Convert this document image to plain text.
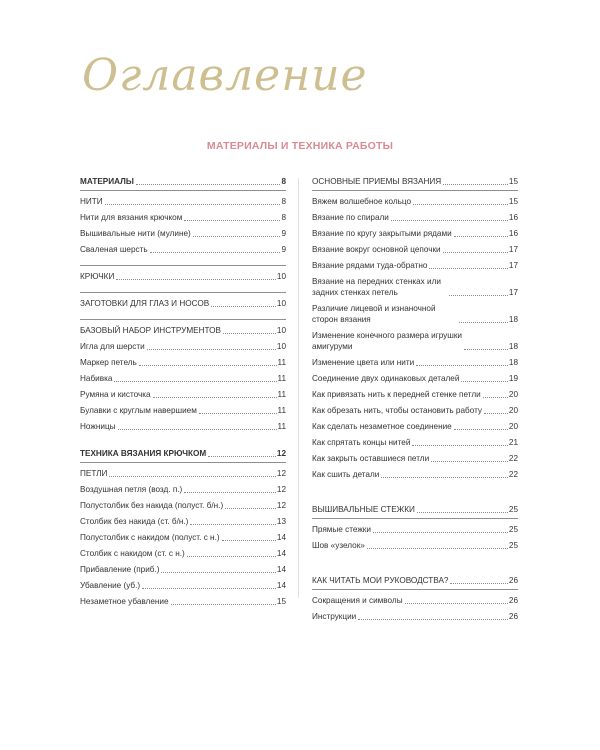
Оглавление
МАТЕРИАЛЫ И ТЕХНИКА РАБОТЫ
МАТЕРИАЛЫ	8
НИТИ	8
Нити для вязания крючком	8
Вышивальные нити (мулине)	9
Сваленая шерсть	9
КРЮЧКИ	10
ЗАГОТОВКИ ДЛЯ ГЛАЗ И НОСОВ	10
БАЗОВЫЙ НАБОР ИНСТРУМЕНТОВ	10
Игла для шерсти	10
Маркер петель	11
Набивка	11
Румяна и кисточка	11
Булавки с круглым навершием	11
Ножницы	11
ТЕХНИКА ВЯЗАНИЯ КРЮЧКОМ	12
ПЕТЛИ	12
Воздушная петля (возд. п.)	12
Полустолбик без накида (полуст. б/н.)	12
Столбик без накида (ст. б/н.)	13
Полустолбик с накидом (полуст. с н.)	14
Столбик с накидом (ст. с н.)	14
Прибавление (приб.)	14
Убавление (уб.)	14
Незаметное убавление	15
ОСНОВНЫЕ ПРИЕМЫ ВЯЗАНИЯ	15
Вяжем волшебное кольцо	15
Вязание по спирали	16
Вязание по кругу закрытыми рядами	16
Вязание вокруг основной цепочки	17
Вязание рядами туда-обратно	17
Вязание на передних стенках или задних стенках петель	17
Различие лицевой и изнаночной сторон вязания	18
Изменение конечного размера игрушки амигуруми	18
Изменение цвета или нити	18
Соединение двух одинаковых деталей	19
Как привязать нить к передней стенке петли	20
Как обрезать нить, чтобы остановить работу	20
Как сделать незаметное соединение	20
Как спрятать концы нитей	21
Как закрыть оставшиеся петли	22
Как сшить детали	22
ВЫШИВАЛЬНЫЕ СТЕЖКИ	25
Прямые стежки	25
Шов «узелок»	25
КАК ЧИТАТЬ МОИ РУКОВОДСТВА?	26
Сокращения и символы	26
Инструкции	26
